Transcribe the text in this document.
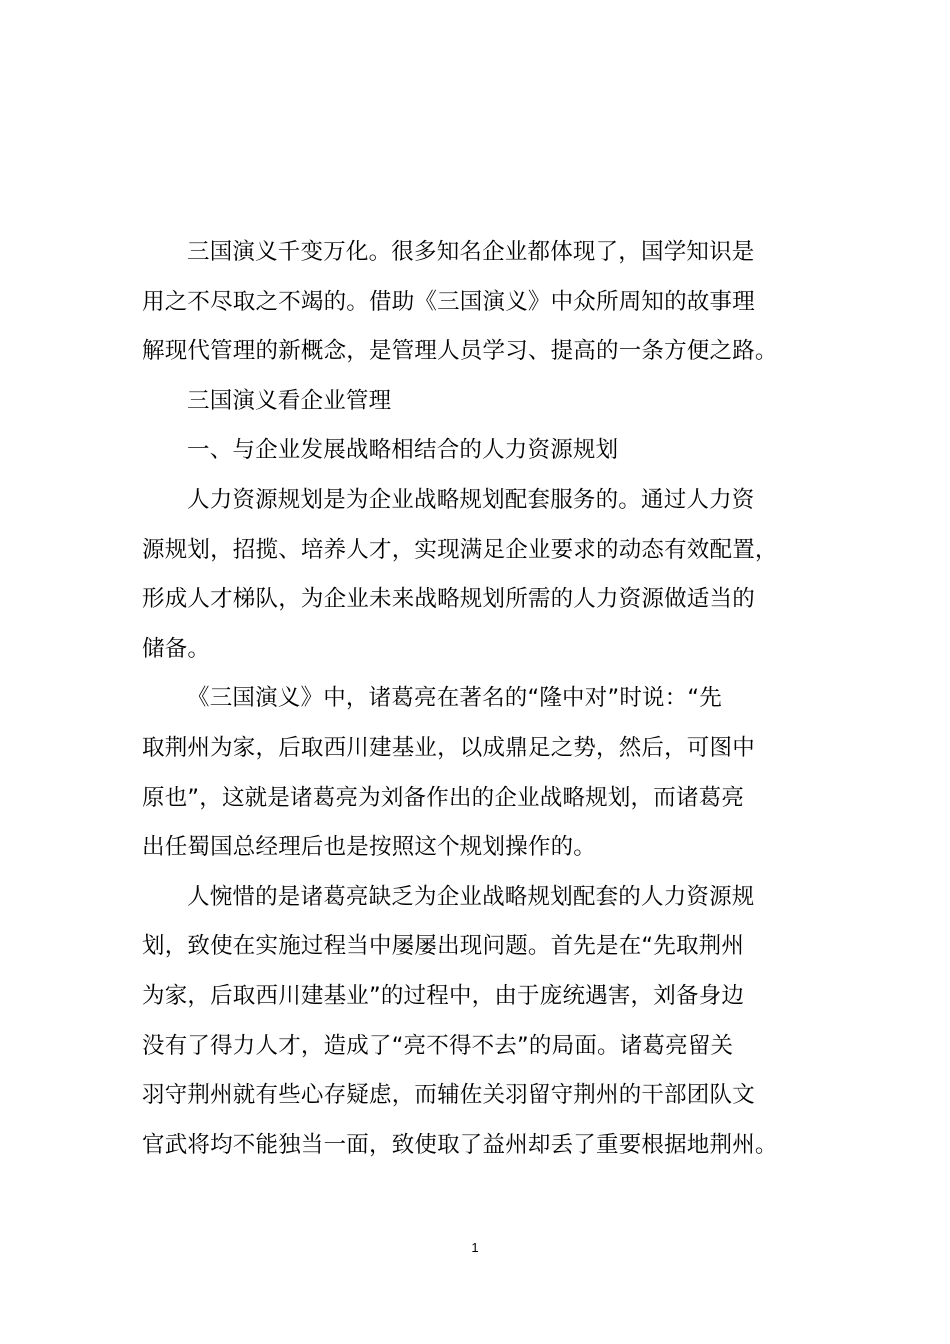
三国演义千变万化。很多知名企业都体现了，国学知识是
用之不尽取之不竭的。借助《三国演义》中众所周知的故事理
解现代管理的新概念，是管理人员学习、提高的一条方便之路。

三国演义看企业管理

一、与企业发展战略相结合的人力资源规划

人力资源规划是为企业战略规划配套服务的。通过人力资
源规划，招揽、培养人才，实现满足企业要求的动态有效配置，
形成人才梯队，为企业未来战略规划所需的人力资源做适当的
储备。

《三国演义》中，诸葛亮在著名的“隆中对”时说：“先
取荆州为家，后取西川建基业，以成鼎足之势，然后，可图中
原也”，这就是诸葛亮为刘备作出的企业战略规划，而诸葛亮
出任蜀国总经理后也是按照这个规划操作的。

人惋惜的是诸葛亮缺乏为企业战略规划配套的人力资源规
划，致使在实施过程当中屡屡出现问题。首先是在“先取荆州
为家，后取西川建基业”的过程中，由于庞统遇害，刘备身边
没有了得力人才，造成了“亮不得不去”的局面。诸葛亮留关
羽守荆州就有些心存疑虑，而辅佐关羽留守荆州的干部团队文
官武将均不能独当一面，致使取了益州却丢了重要根据地荆州。

1
